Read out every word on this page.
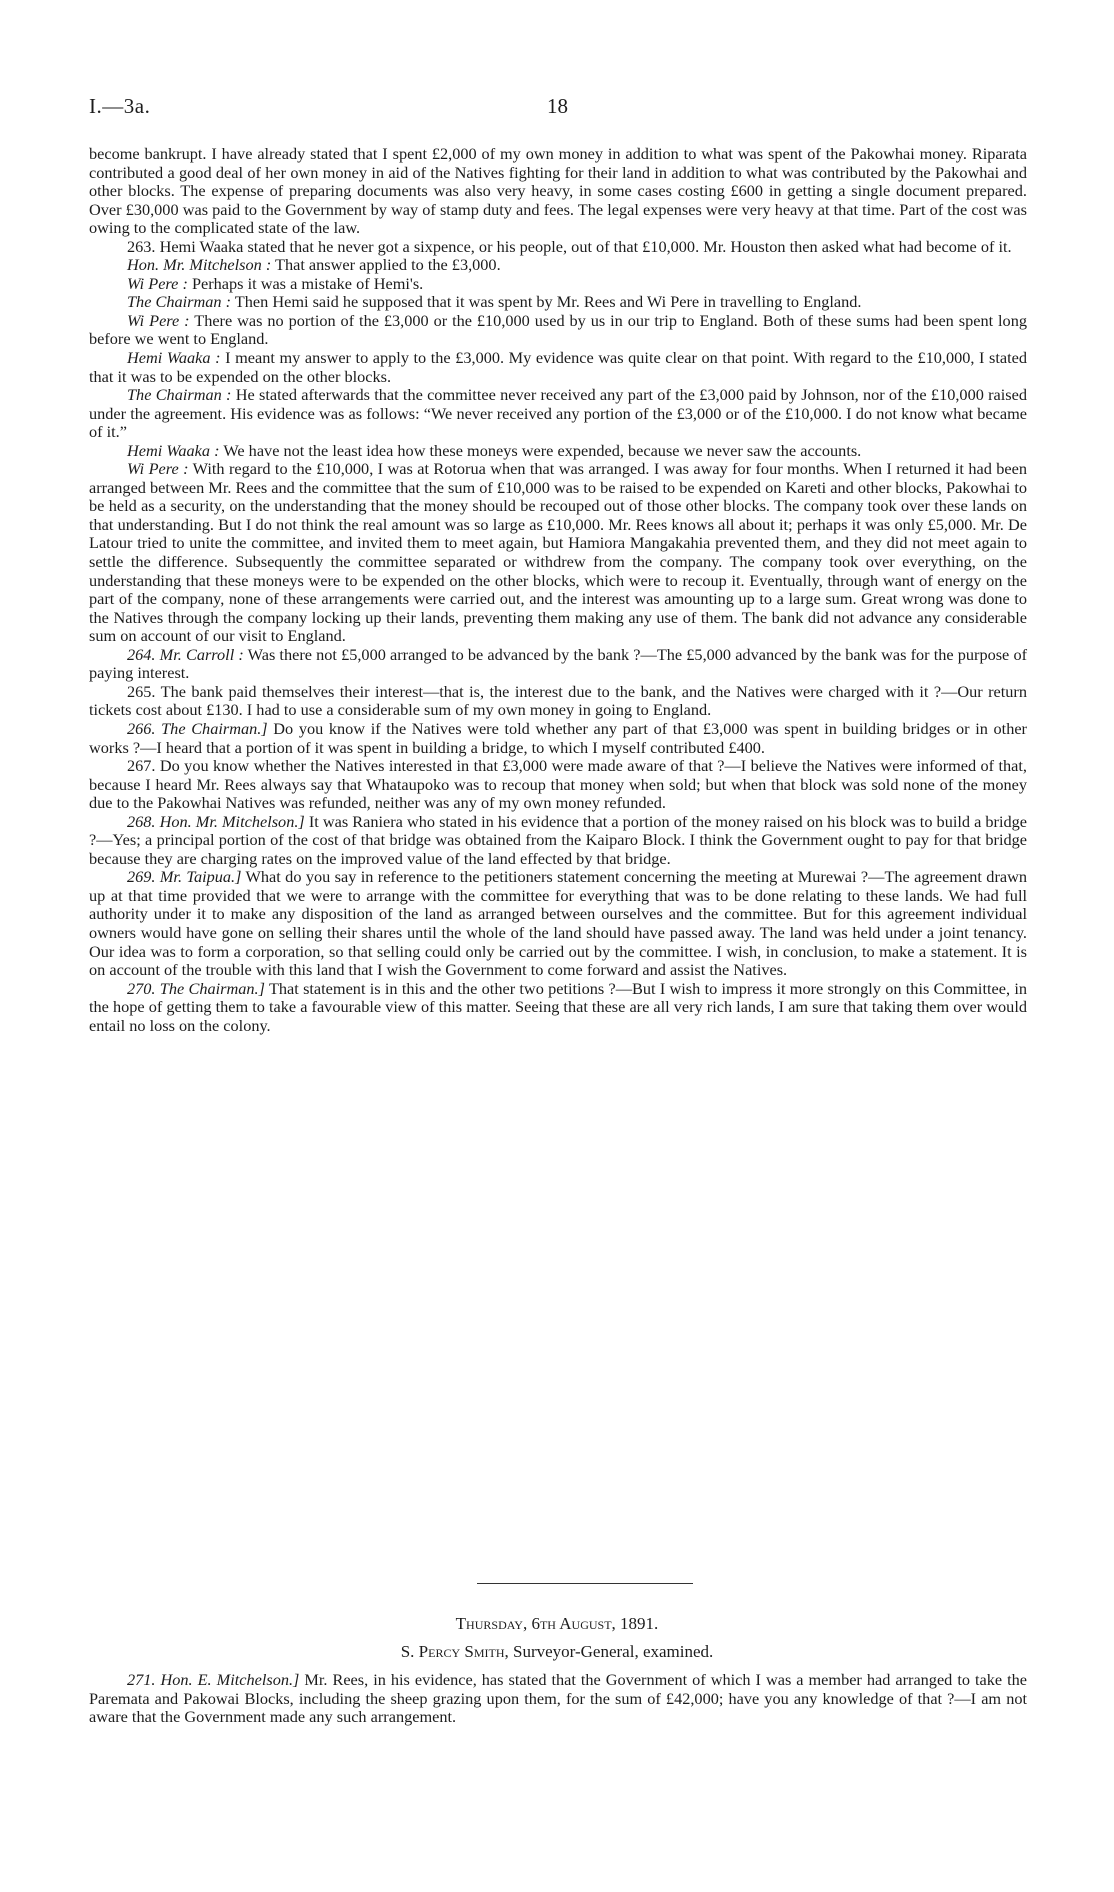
I.—3a.	18

become bankrupt. I have already stated that I spent £2,000 of my own money in addition to what was spent of the Pakowhai money. Riparata contributed a good deal of her own money in aid of the Natives fighting for their land in addition to what was contributed by the Pakowhai and other blocks. The expense of preparing documents was also very heavy, in some cases costing £600 in getting a single document prepared. Over £30,000 was paid to the Government by way of stamp duty and fees. The legal expenses were very heavy at that time. Part of the cost was owing to the complicated state of the law.

263. Hemi Waaka stated that he never got a sixpence, or his people, out of that £10,000. Mr. Houston then asked what had become of it.

Hon. Mr. Mitchelson : That answer applied to the £3,000.

Wi Pere : Perhaps it was a mistake of Hemi's.

The Chairman : Then Hemi said he supposed that it was spent by Mr. Rees and Wi Pere in travelling to England.

Wi Pere : There was no portion of the £3,000 or the £10,000 used by us in our trip to England. Both of these sums had been spent long before we went to England.

Hemi Waaka : I meant my answer to apply to the £3,000. My evidence was quite clear on that point. With regard to the £10,000, I stated that it was to be expended on the other blocks.

The Chairman : He stated afterwards that the committee never received any part of the £3,000 paid by Johnson, nor of the £10,000 raised under the agreement. His evidence was as follows: “We never received any portion of the £3,000 or of the £10,000. I do not know what became of it.”

Hemi Waaka : We have not the least idea how these moneys were expended, because we never saw the accounts.

Wi Pere : With regard to the £10,000, I was at Rotorua when that was arranged. I was away for four months. When I returned it had been arranged between Mr. Rees and the committee that the sum of £10,000 was to be raised to be expended on Kareti and other blocks, Pakowhai to be held as a security, on the understanding that the money should be recouped out of those other blocks. The company took over these lands on that understanding. But I do not think the real amount was so large as £10,000. Mr. Rees knows all about it; perhaps it was only £5,000. Mr. De Latour tried to unite the committee, and invited them to meet again, but Hamiora Mangakahia prevented them, and they did not meet again to settle the difference. Subsequently the committee separated or withdrew from the company. The company took over everything, on the understanding that these moneys were to be expended on the other blocks, which were to recoup it. Eventually, through want of energy on the part of the company, none of these arrangements were carried out, and the interest was amounting up to a large sum. Great wrong was done to the Natives through the company locking up their lands, preventing them making any use of them. The bank did not advance any considerable sum on account of our visit to England.

264. Mr. Carroll : Was there not £5,000 arranged to be advanced by the bank ?—The £5,000 advanced by the bank was for the purpose of paying interest.

265. The bank paid themselves their interest—that is, the interest due to the bank, and the Natives were charged with it ?—Our return tickets cost about £130. I had to use a considerable sum of my own money in going to England.

266. The Chairman.] Do you know if the Natives were told whether any part of that £3,000 was spent in building bridges or in other works ?—I heard that a portion of it was spent in building a bridge, to which I myself contributed £400.

267. Do you know whether the Natives interested in that £3,000 were made aware of that ?—I believe the Natives were informed of that, because I heard Mr. Rees always say that Whataupoko was to recoup that money when sold; but when that block was sold none of the money due to the Pakowhai Natives was refunded, neither was any of my own money refunded.

268. Hon. Mr. Mitchelson.] It was Raniera who stated in his evidence that a portion of the money raised on his block was to build a bridge ?—Yes; a principal portion of the cost of that bridge was obtained from the Kaiparo Block. I think the Government ought to pay for that bridge because they are charging rates on the improved value of the land effected by that bridge.

269. Mr. Taipua.] What do you say in reference to the petitioners statement concerning the meeting at Murewai ?—The agreement drawn up at that time provided that we were to arrange with the committee for everything that was to be done relating to these lands. We had full authority under it to make any disposition of the land as arranged between ourselves and the committee. But for this agreement individual owners would have gone on selling their shares until the whole of the land should have passed away. The land was held under a joint tenancy. Our idea was to form a corporation, so that selling could only be carried out by the committee. I wish, in conclusion, to make a statement. It is on account of the trouble with this land that I wish the Government to come forward and assist the Natives.

270. The Chairman.] That statement is in this and the other two petitions ?—But I wish to impress it more strongly on this Committee, in the hope of getting them to take a favourable view of this matter. Seeing that these are all very rich lands, I am sure that taking them over would entail no loss on the colony.

Thursday, 6th August, 1891.
S. Percy Smith, Surveyor-General, examined.

271. Hon. E. Mitchelson.] Mr. Rees, in his evidence, has stated that the Government of which I was a member had arranged to take the Paremata and Pakowai Blocks, including the sheep grazing upon them, for the sum of £42,000; have you any knowledge of that ?—I am not aware that the Government made any such arrangement.
